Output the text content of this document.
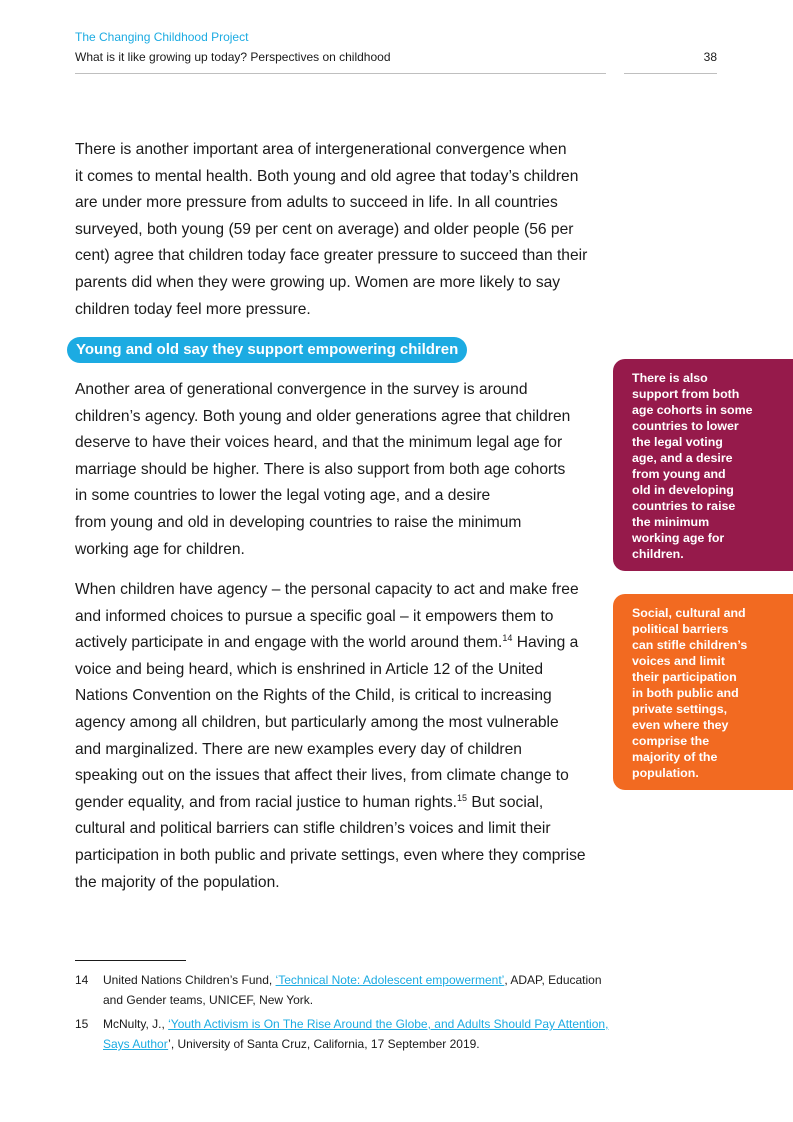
The Changing Childhood Project
What is it like growing up today? Perspectives on childhood	38

There is another important area of intergenerational convergence when
it comes to mental health. Both young and old agree that today’s children
are under more pressure from adults to succeed in life. In all countries
surveyed, both young (59 per cent on average) and older people (56 per
cent) agree that children today face greater pressure to succeed than their
parents did when they were growing up. Women are more likely to say
children today feel more pressure.

Young and old say they support empowering children

Another area of generational convergence in the survey is around
children’s agency. Both young and older generations agree that children
deserve to have their voices heard, and that the minimum legal age for
marriage should be higher. There is also support from both age cohorts
in some countries to lower the legal voting age, and a desire
from young and old in developing countries to raise the minimum
working age for children.

When children have agency – the personal capacity to act and make free
and informed choices to pursue a specific goal – it empowers them to
actively participate in and engage with the world around them.$^{14}$ Having a
voice and being heard, which is enshrined in Article 12 of the United
Nations Convention on the Rights of the Child, is critical to increasing
agency among all children, but particularly among the most vulnerable
and marginalized. There are new examples every day of children
speaking out on the issues that affect their lives, from climate change to
gender equality, and from racial justice to human rights.$^{15}$ But social,
cultural and political barriers can stifle children’s voices and limit their
participation in both public and private settings, even where they comprise
the majority of the population.

There is also
support from both
age cohorts in some
countries to lower
the legal voting
age, and a desire
from young and
old in developing
countries to raise
the minimum
working age for
children.
Social, cultural and
political barriers
can stifle children’s
voices and limit
their participation
in both public and
private settings,
even where they
comprise the
majority of the
population.
14 United Nations Children’s Fund, ‘Technical Note: Adolescent empowerment’, ADAP, Education
and Gender teams, UNICEF, New York.
15 McNulty, J., ‘Youth Activism is On The Rise Around the Globe, and Adults Should Pay Attention,
Says Author’, University of Santa Cruz, California, 17 September 2019.
